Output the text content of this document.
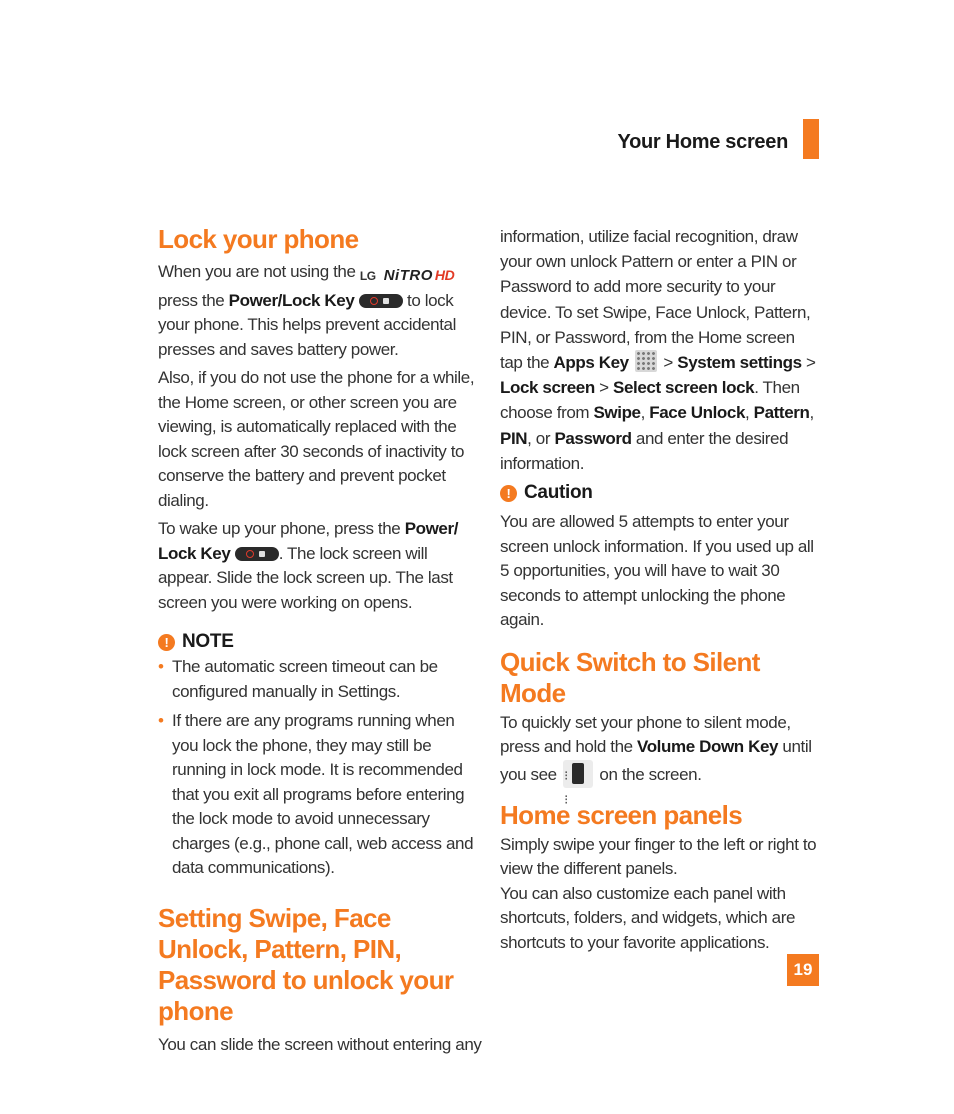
Your Home screen
Lock your phone

When you are not using the LG NiTRO HD press the Power/Lock Key	to lock your phone. This helps prevent accidental presses and saves battery power.

Also, if you do not use the phone for a while, the Home screen, or other screen you are viewing, is automatically replaced with the lock screen after 30 seconds of inactivity to conserve the battery and prevent pocket dialing.

To wake up your phone, press the Power/ Lock Key	. The lock screen will appear. Slide the lock screen up. The last screen you were working on opens.

! NOTE
• The automatic screen timeout can be configured manually in Settings.
• If there are any programs running when you lock the phone, they may still be running in lock mode. It is recommended that you exit all programs before entering the lock mode to avoid unnecessary charges (e.g., phone call, web access and data communications).
Setting Swipe, Face Unlock, Pattern, PIN, Password to unlock your phone

You can slide the screen without entering any

information, utilize facial recognition, draw your own unlock Pattern or enter a PIN or Password to add more security to your device. To set Swipe, Face Unlock, Pattern, PIN, or Password, from the Home screen tap the Apps Key > System settings > Lock screen > Select screen lock. Then choose from Swipe, Face Unlock, Pattern, PIN, or Password and enter the desired information.

! Caution

You are allowed 5 attempts to enter your screen unlock information. If you used up all 5 opportunities, you will have to wait 30 seconds to attempt unlocking the phone again.

Quick Switch to Silent Mode

To quickly set your phone to silent mode, press and hold the Volume Down Key until you see ⁝ ⁝	on the screen.

Home screen panels

Simply swipe your finger to the left or right to view the different panels.

You can also customize each panel with shortcuts, folders, and widgets, which are shortcuts to your favorite applications.

19
